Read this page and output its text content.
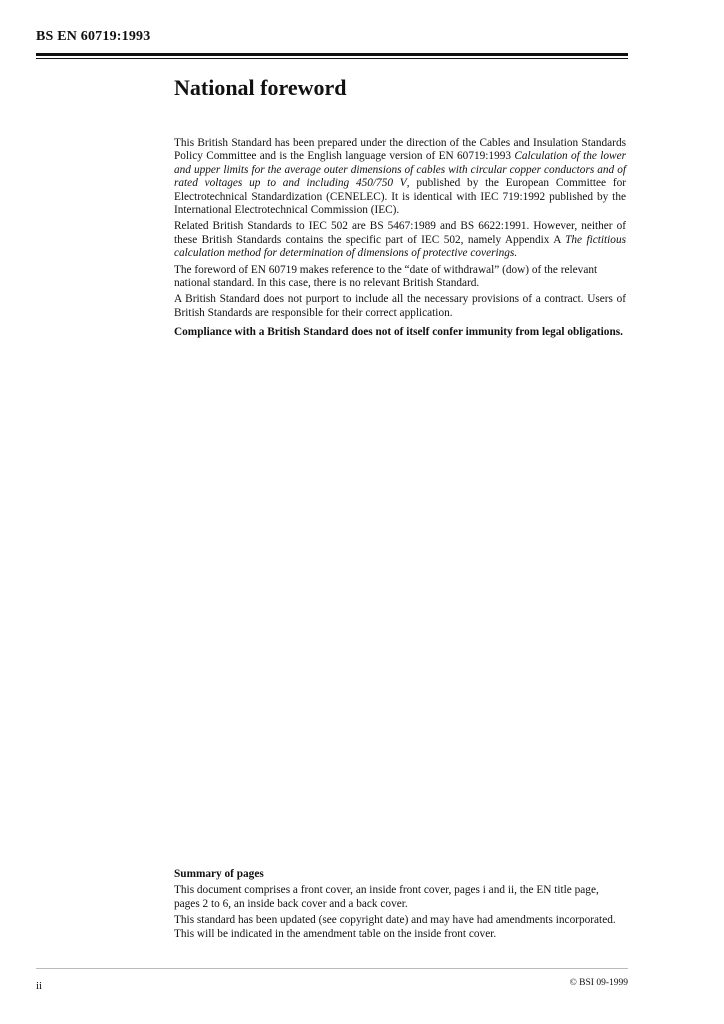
BS EN 60719:1993
National foreword

This British Standard has been prepared under the direction of the Cables and Insulation Standards Policy Committee and is the English language version of EN 60719:1993 Calculation of the lower and upper limits for the average outer dimensions of cables with circular copper conductors and of rated voltages up to and including 450/750 V, published by the European Committee for Electrotechnical Standardization (CENELEC). It is identical with IEC 719:1992 published by the International Electrotechnical Commission (IEC).

Related British Standards to IEC 502 are BS 5467:1989 and BS 6622:1991. However, neither of these British Standards contains the specific part of IEC 502, namely Appendix A The fictitious calculation method for determination of dimensions of protective coverings.

The foreword of EN 60719 makes reference to the “date of withdrawal” (dow) of the relevant national standard. In this case, there is no relevant British Standard.

A British Standard does not purport to include all the necessary provisions of a contract. Users of British Standards are responsible for their correct application.

Compliance with a British Standard does not of itself confer immunity from legal obligations.

Summary of pages

This document comprises a front cover, an inside front cover, pages i and ii, the EN title page, pages 2 to 6, an inside back cover and a back cover.

This standard has been updated (see copyright date) and may have had amendments incorporated. This will be indicated in the amendment table on the inside front cover.

ii	© BSI 09-1999
